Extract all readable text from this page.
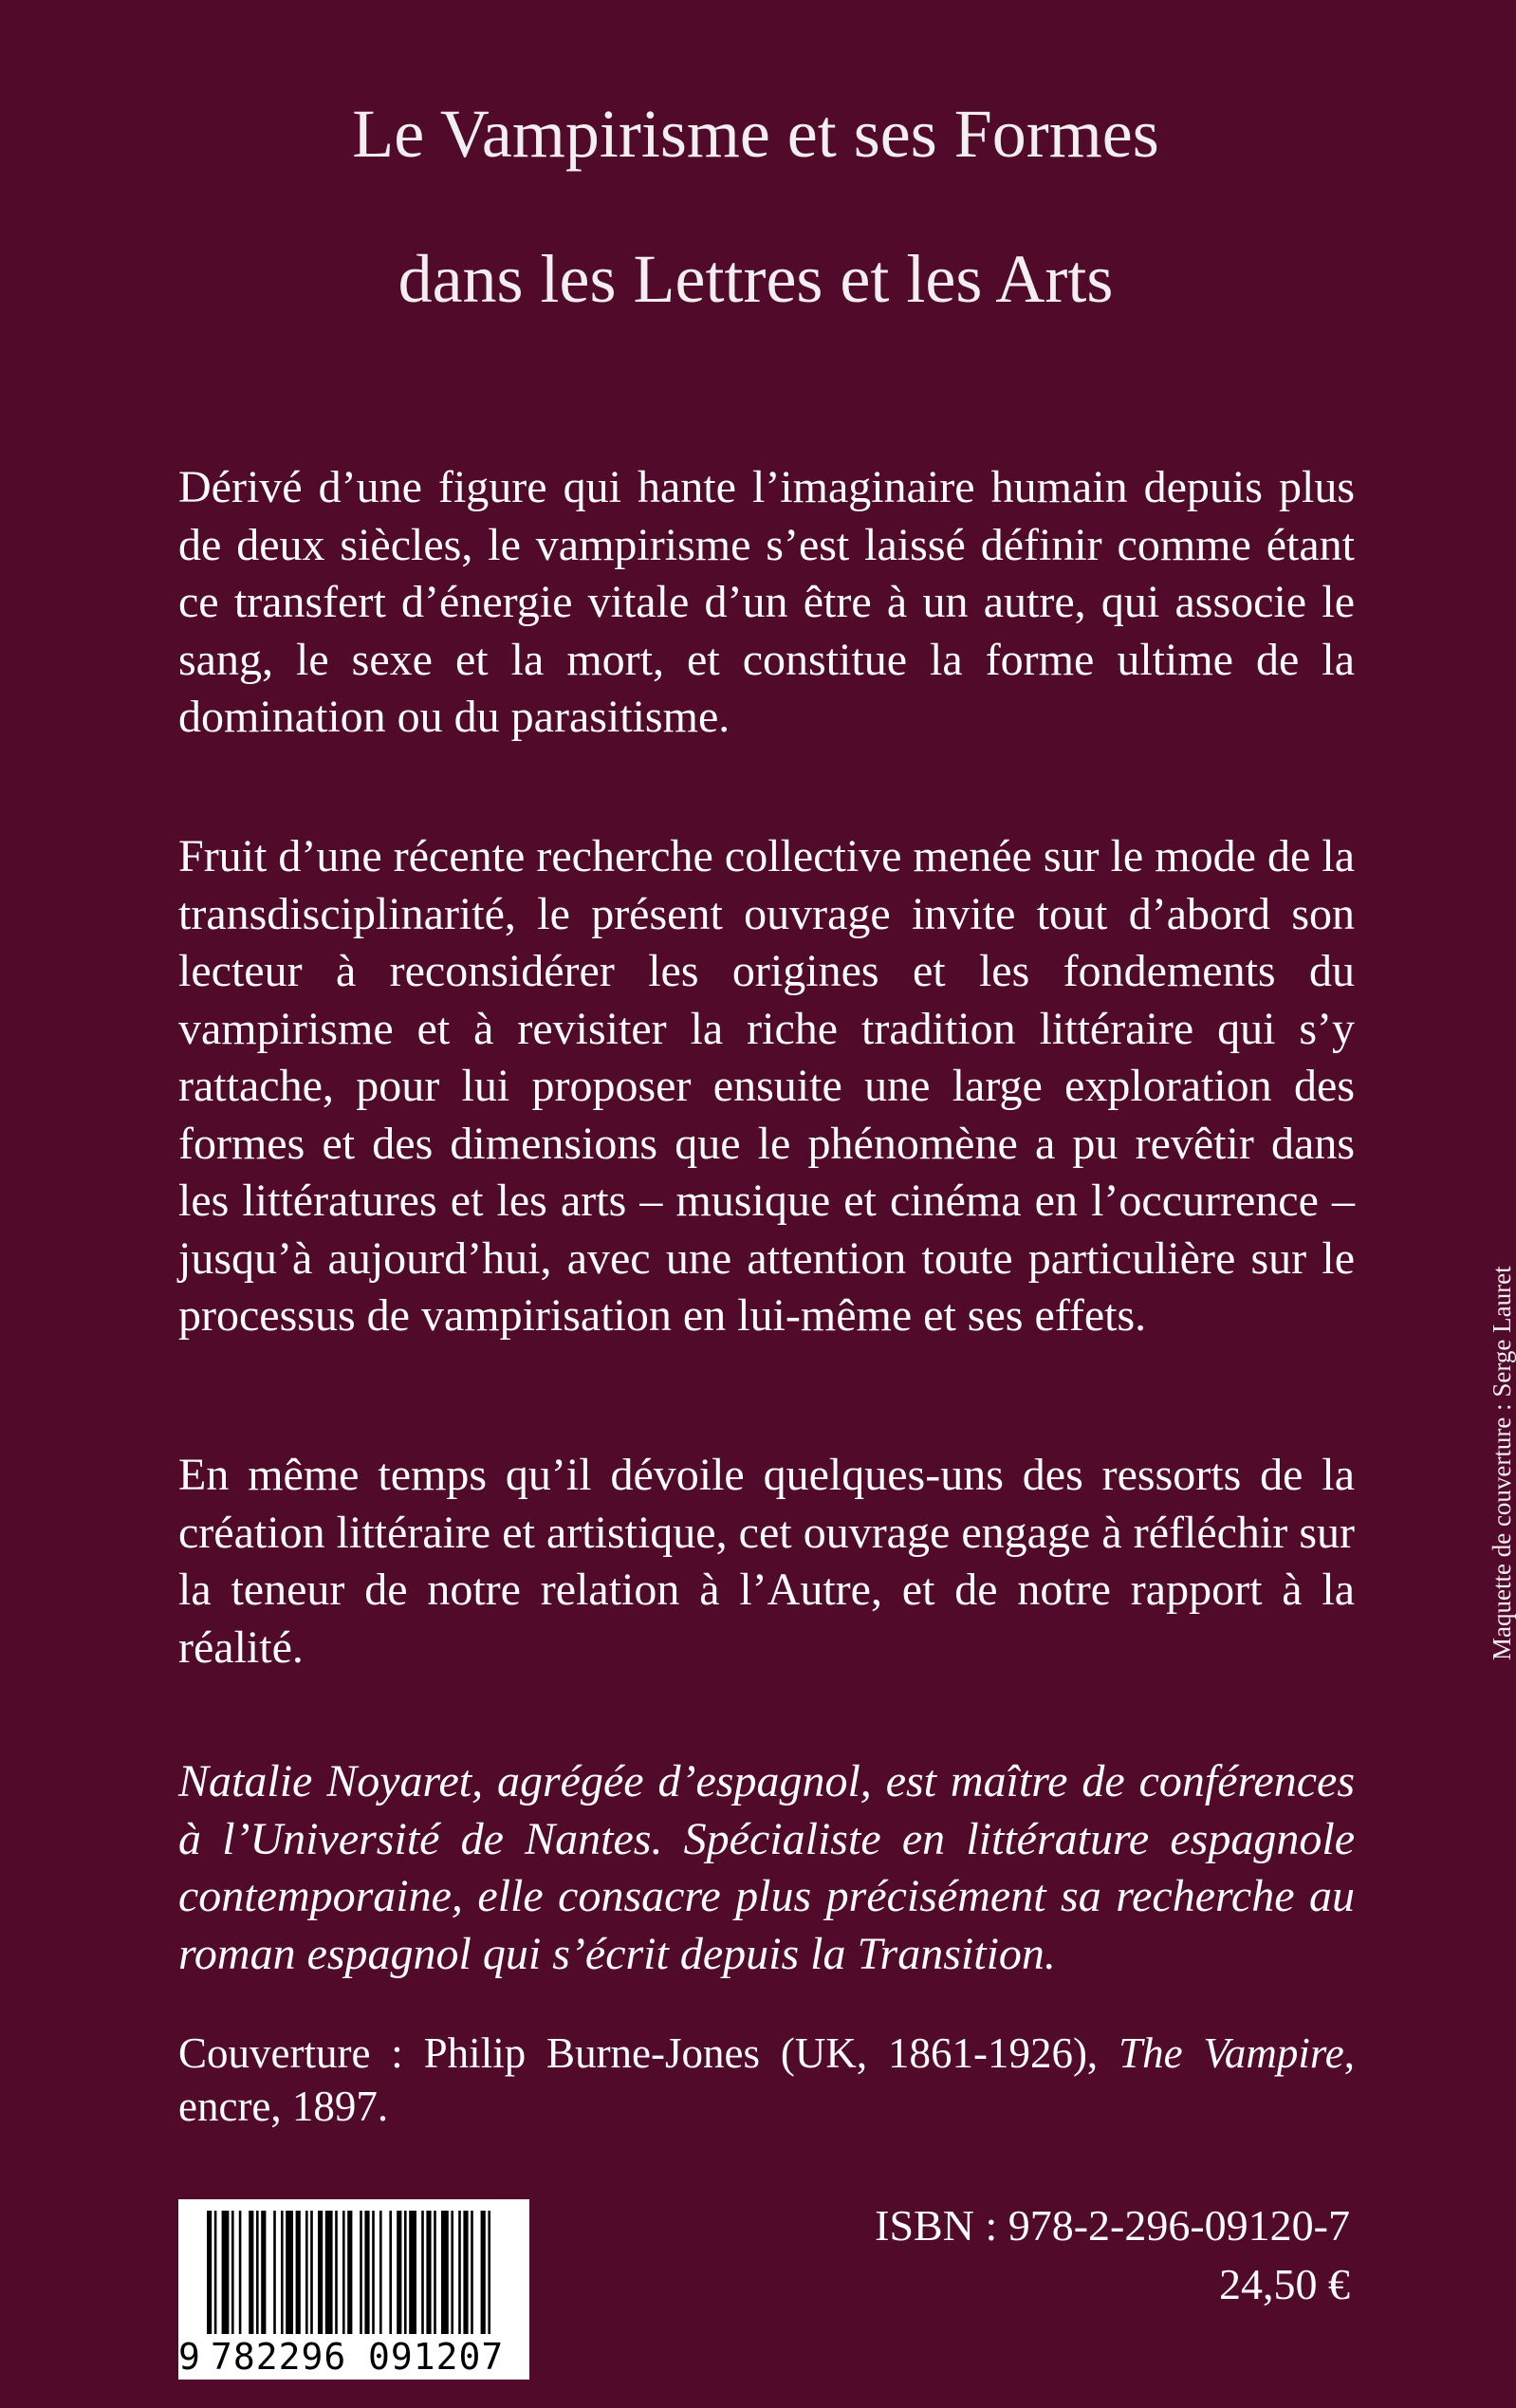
Le Vampirisme et ses Formes
dans les Lettres et les Arts

Dérivé d’une figure qui hante l’imaginaire humain depuis plus de deux siècles, le vampirisme s’est laissé définir comme étant ce transfert d’énergie vitale d’un être à un autre, qui associe le sang, le sexe et la mort, et constitue la forme ultime de la domination ou du parasitisme.

Fruit d’une récente recherche collective menée sur le mode de la transdisciplinarité, le présent ouvrage invite tout d’abord son lecteur à reconsidérer les origines et les fondements du vampirisme et à revisiter la riche tradition littéraire qui s’y rattache, pour lui proposer ensuite une large exploration des formes et des dimensions que le phénomène a pu revêtir dans les littératures et les arts – musique et cinéma en l’occurrence – jusqu’à aujourd’hui, avec une attention toute particulière sur le processus de vampirisation en lui-même et ses effets.

En même temps qu’il dévoile quelques-uns des ressorts de la création littéraire et artistique, cet ouvrage engage à réfléchir sur la teneur de notre relation à l’Autre, et de notre rapport à la réalité.

Natalie Noyaret, agrégée d’espagnol, est maître de conférences à l’Université de Nantes. Spécialiste en littérature espagnole contemporaine, elle consacre plus précisément sa recherche au roman espagnol qui s’écrit depuis la Transition.

Couverture : Philip Burne-Jones (UK, 1861-1926), The Vampire, encre, 1897.

9 782296 091207

ISBN : 978-2-296-09120-7

24,50 €

Maquette de couverture : Serge Lauret
